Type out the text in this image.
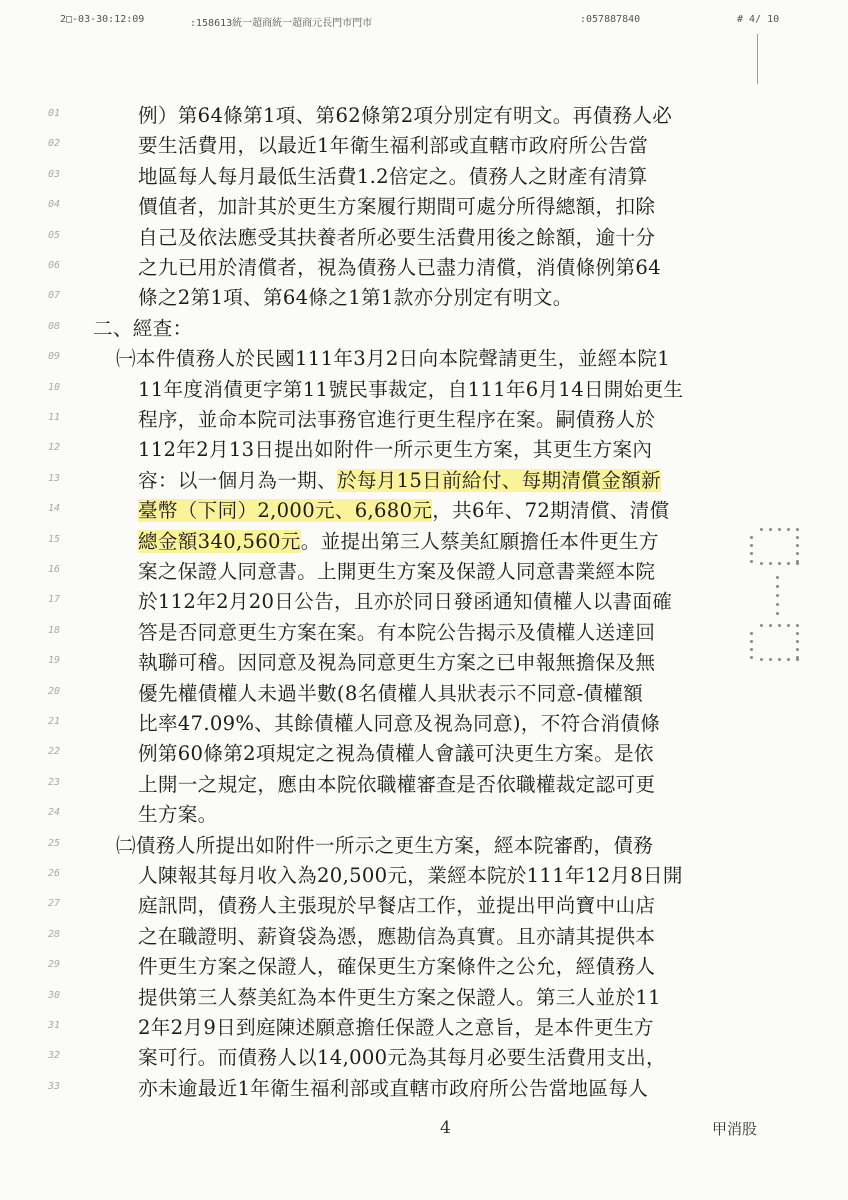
2□-03-30:12:09	:158613統一超商統一超商元長門市門市	:057887840	# 4/ 10
01	例）第64條第1項、第62條第2項分別定有明文。再債務人必
02	要生活費用，以最近1年衛生福利部或直轄市政府所公告當
03	地區每人每月最低生活費1.2倍定之。債務人之財產有清算
04	價值者，加計其於更生方案履行期間可處分所得總額，扣除
05	自己及依法應受其扶養者所必要生活費用後之餘額，逾十分
06	之九已用於清償者，視為債務人已盡力清償，消債條例第64
07	條之2第1項、第64條之1第1款亦分別定有明文。
08	二、經查：
09	㈠本件債務人於民國111年3月2日向本院聲請更生，並經本院1
10	11年度消債更字第11號民事裁定，自111年6月14日開始更生
11	程序，並命本院司法事務官進行更生程序在案。嗣債務人於
12	112年2月13日提出如附件一所示更生方案，其更生方案內
13	容：以一個月為一期、於每月15日前給付、每期清償金額新
14	臺幣（下同）2,000元、6,680元，共6年、72期清償、清償
15	總金額340,560元。並提出第三人蔡美紅願擔任本件更生方
16	案之保證人同意書。上開更生方案及保證人同意書業經本院
17	於112年2月20日公告，且亦於同日發函通知債權人以書面確
18	答是否同意更生方案在案。有本院公告揭示及債權人送達回
19	執聯可稽。因同意及視為同意更生方案之已申報無擔保及無
20	優先權債權人未過半數(8名債權人具狀表示不同意-債權額
21	比率47.09%、其餘債權人同意及視為同意)，不符合消債條
22	例第60條第2項規定之視為債權人會議可決更生方案。是依
23	上開一之規定，應由本院依職權審查是否依職權裁定認可更
24	生方案。
25	㈡債務人所提出如附件一所示之更生方案，經本院審酌，債務
26	人陳報其每月收入為20,500元，業經本院於111年12月8日開
27	庭訊問，債務人主張現於早餐店工作，並提出甲尚寶中山店
28	之在職證明、薪資袋為憑，應勘信為真實。且亦請其提供本
29	件更生方案之保證人，確保更生方案條件之公允，經債務人
30	提供第三人蔡美紅為本件更生方案之保證人。第三人並於11
31	2年2月9日到庭陳述願意擔任保證人之意旨，是本件更生方
32	案可行。而債務人以14,000元為其每月必要生活費用支出，
33	亦未逾最近1年衛生福利部或直轄市政府所公告當地區每人
4	甲消股
